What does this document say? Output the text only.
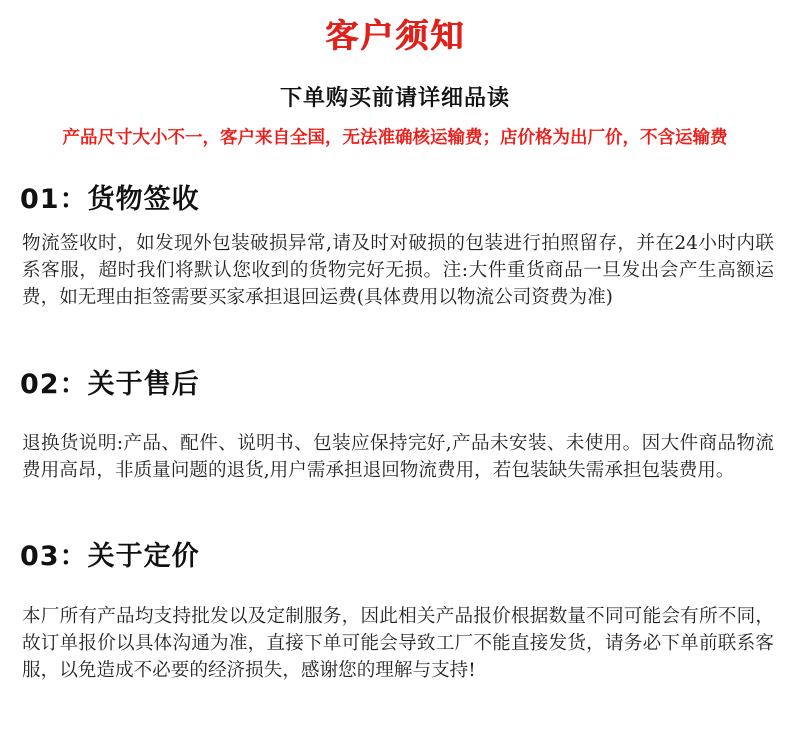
客户须知
下单购买前请详细品读
产品尺寸大小不一，客户来自全国，无法准确核运输费；店价格为出厂价，不含运输费
01：货物签收
物流签收时，如发现外包装破损异常,请及时对破损的包装进行拍照留存，并在24小时内联系客服，超时我们将默认您收到的货物完好无损。注:大件重货商品一旦发出会产生高额运费，如无理由拒签需要买家承担退回运费(具体费用以物流公司资费为准)
02：关于售后
退换货说明:产品、配件、说明书、包装应保持完好,产品未安装、未使用。因大件商品物流费用高昂，非质量问题的退货,用户需承担退回物流费用，若包装缺失需承担包装费用。
03：关于定价
本厂所有产品均支持批发以及定制服务，因此相关产品报价根据数量不同可能会有所不同，故订单报价以具体沟通为准，直接下单可能会导致工厂不能直接发货，请务必下单前联系客服，以免造成不必要的经济损失，感谢您的理解与支持!
